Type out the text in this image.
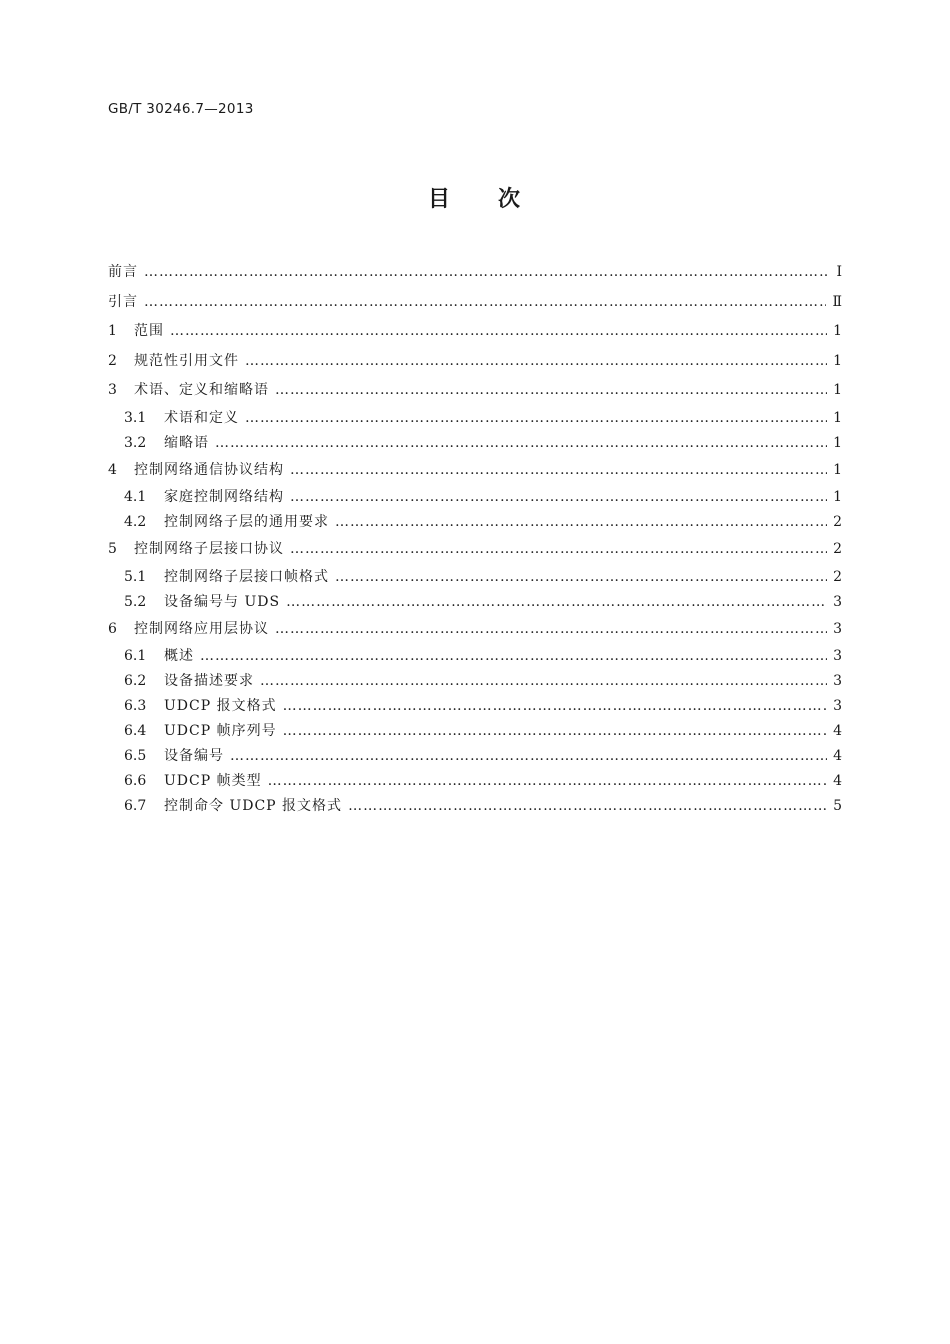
GB/T 30246.7—2013
目 次
前言 ……………………………………………………………………………………………………………………………………………………………………………………	Ⅰ
引言 ……………………………………………………………………………………………………………………………………………………………………………………	Ⅱ
1	范围 ……………………………………………………………………………………………………………………………………………………………………………………	1
2	规范性引用文件 ……………………………………………………………………………………………………………………………………………………………………………………	1
3	术语、定义和缩略语 ……………………………………………………………………………………………………………………………………………………………………………………	1
3.1	术语和定义 ……………………………………………………………………………………………………………………………………………………………………………………	1
3.2	缩略语 ……………………………………………………………………………………………………………………………………………………………………………………	1
4	控制网络通信协议结构 ……………………………………………………………………………………………………………………………………………………………………………………	1
4.1	家庭控制网络结构 ……………………………………………………………………………………………………………………………………………………………………………………	1
4.2	控制网络子层的通用要求 ……………………………………………………………………………………………………………………………………………………………………………………	2
5	控制网络子层接口协议 ……………………………………………………………………………………………………………………………………………………………………………………	2
5.1	控制网络子层接口帧格式 ……………………………………………………………………………………………………………………………………………………………………………………	2
5.2	设备编号与 UDS ……………………………………………………………………………………………………………………………………………………………………………………	3
6	控制网络应用层协议 ……………………………………………………………………………………………………………………………………………………………………………………	3
6.1	概述 ……………………………………………………………………………………………………………………………………………………………………………………	3
6.2	设备描述要求 ……………………………………………………………………………………………………………………………………………………………………………………	3
6.3	UDCP 报文格式 ……………………………………………………………………………………………………………………………………………………………………………………	3
6.4	UDCP 帧序列号 ……………………………………………………………………………………………………………………………………………………………………………………	4
6.5	设备编号 ……………………………………………………………………………………………………………………………………………………………………………………	4
6.6	UDCP 帧类型 ……………………………………………………………………………………………………………………………………………………………………………………	4
6.7	控制命令 UDCP 报文格式 ……………………………………………………………………………………………………………………………………………………………………………………	5
